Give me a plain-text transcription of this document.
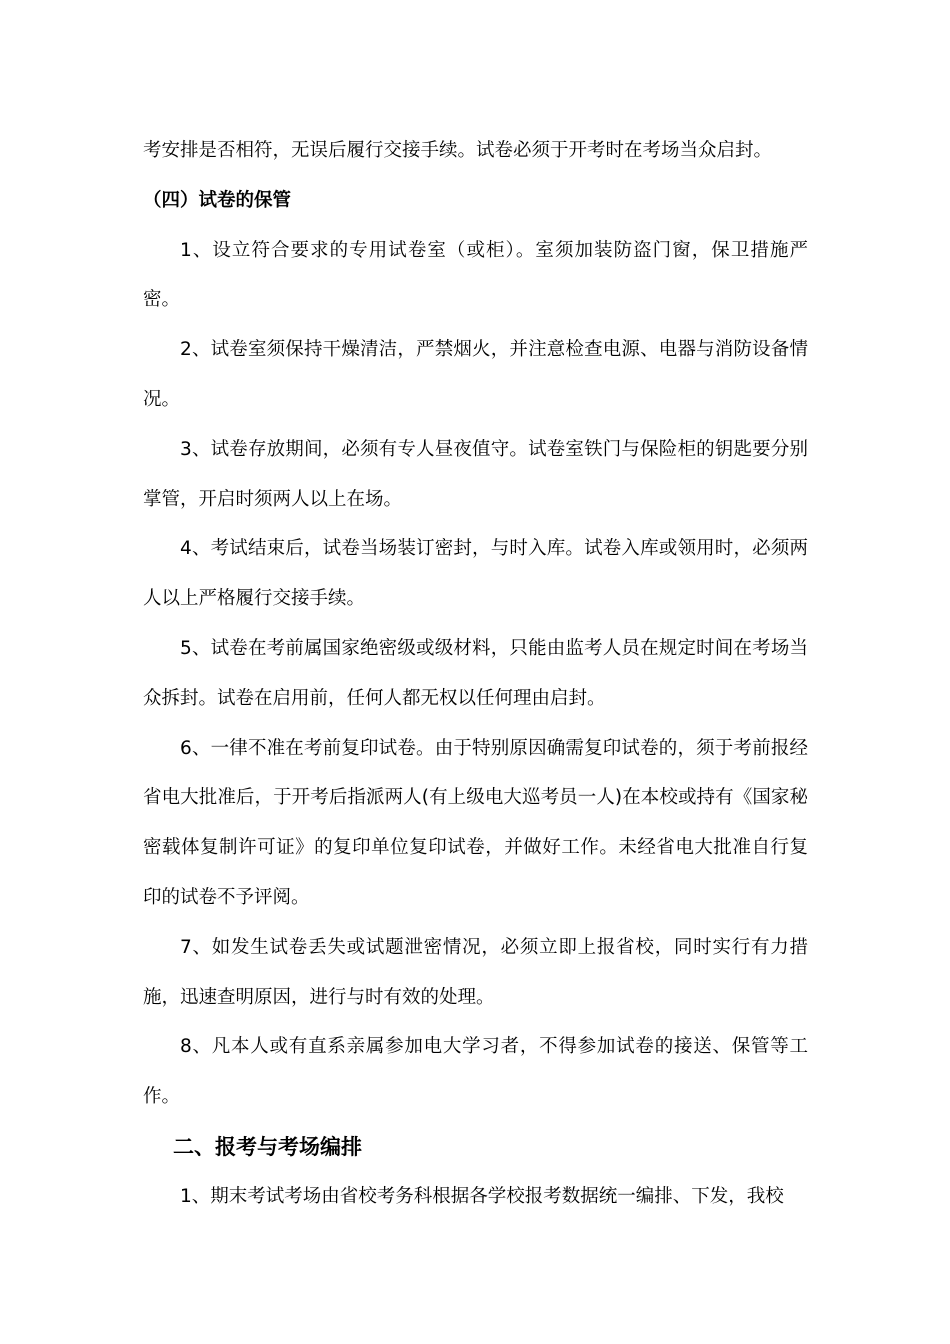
考安排是否相符，无误后履行交接手续。试卷必须于开考时在考场当众启封。

（四）试卷的保管

1、设立符合要求的专用试卷室（或柜）。室须加装防盗门窗，保卫措施严密。

2、试卷室须保持干燥清洁，严禁烟火，并注意检查电源、电器与消防设备情况。

3、试卷存放期间，必须有专人昼夜值守。试卷室铁门与保险柜的钥匙要分别掌管，开启时须两人以上在场。

4、考试结束后，试卷当场装订密封，与时入库。试卷入库或领用时，必须两人以上严格履行交接手续。

5、试卷在考前属国家绝密级或级材料，只能由监考人员在规定时间在考场当众拆封。试卷在启用前，任何人都无权以任何理由启封。

6、一律不准在考前复印试卷。由于特别原因确需复印试卷的，须于考前报经省电大批准后，于开考后指派两人(有上级电大巡考员一人)在本校或持有《国家秘密载体复制许可证》的复印单位复印试卷，并做好工作。未经省电大批准自行复印的试卷不予评阅。

7、如发生试卷丢失或试题泄密情况，必须立即上报省校，同时实行有力措施，迅速查明原因，进行与时有效的处理。

8、凡本人或有直系亲属参加电大学习者，不得参加试卷的接送、保管等工作。

二、报考与考场编排

1、期末考试考场由省校考务科根据各学校报考数据统一编排、下发，我校
